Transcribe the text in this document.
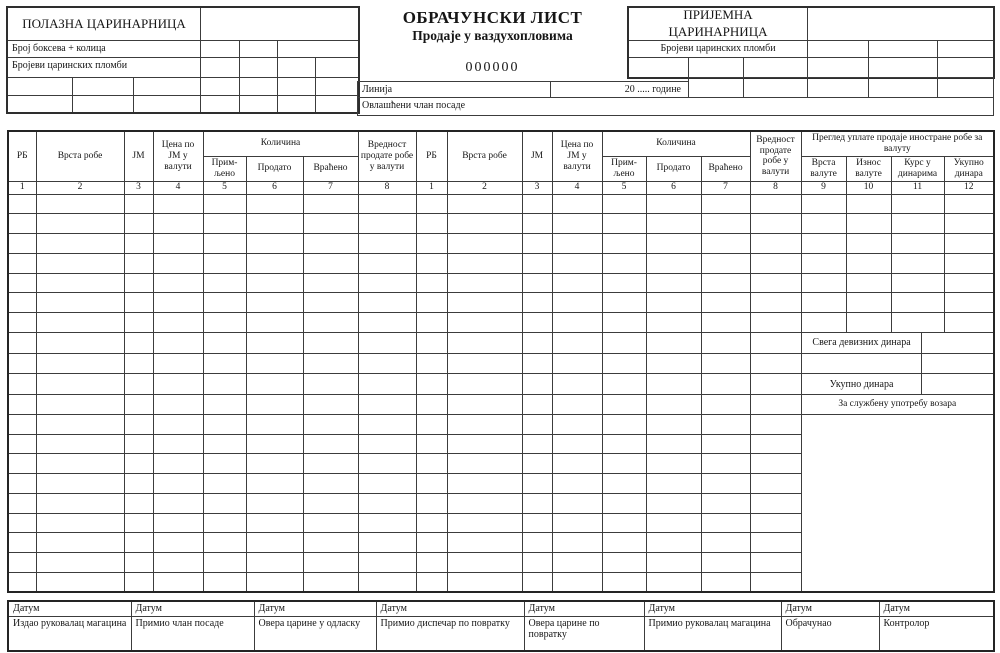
ПОЛАЗНА ЦАРИНАРНИЦА
Број боксева + колица
Бројеви царинских пломби
ОБРАЧУНСКИ ЛИСТ
Продаје у ваздухопловима
000000
ПРИЈЕМНА ЦАРИНАРНИЦА
Бројеви царинских пломби
Линија	20 ..... године
Овлашћени члан посаде
РБ	Врста робе	ЈМ	Цена по ЈМ у валути	Количина			Вредност продате робе у валути	РБ	Врста робе	ЈМ	Цена по ЈМ у валути	Количина			Вредност продате робе у валути	Преглед уплате продаје иностране робе за валуту			
				Прим-љено	Продато	Враћено						Прим-љено	Продато	Враћено		Врста валуте	Износ валуте	Курс у динарима	Укупно динара
1	2	3	4	5	6	7	8	1	2	3	4	5	6	7	8	9	10	11	12

Свега девизних динара			

Укупно динара			

																За службену употребу возара			

Датум	Датум	Датум	Датум	Датум	Датум	Датум	Датум
Издао руковалац магацина	Примио члан посаде	Овера царине у одласку	Примио диспечар по повратку	Овера царине по повратку	Примио руковалац магацина	Обрачунао	Контролор
